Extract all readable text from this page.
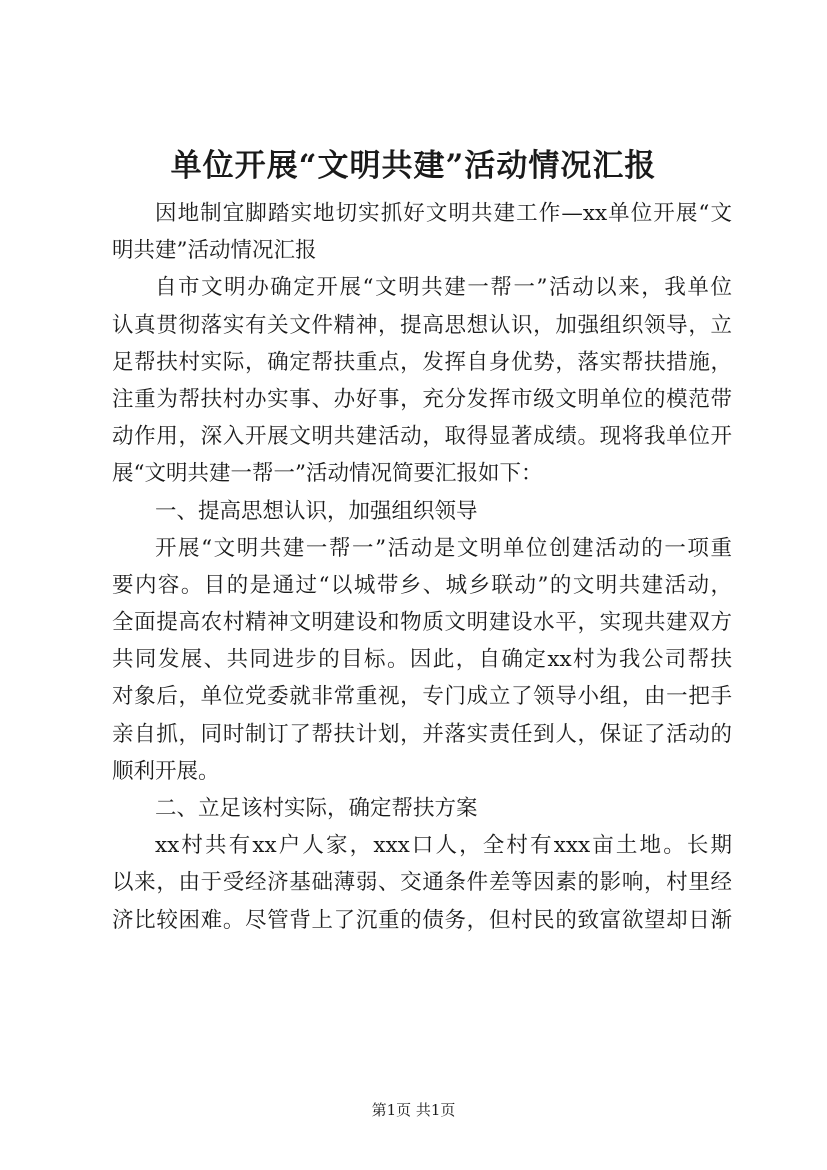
单位开展“文明共建”活动情况汇报
因地制宜脚踏实地切实抓好文明共建工作—xx单位开展“文
明共建”活动情况汇报
自市文明办确定开展“文明共建一帮一”活动以来，我单位
认真贯彻落实有关文件精神，提高思想认识，加强组织领导，立
足帮扶村实际，确定帮扶重点，发挥自身优势，落实帮扶措施，
注重为帮扶村办实事、办好事，充分发挥市级文明单位的模范带
动作用，深入开展文明共建活动，取得显著成绩。现将我单位开
展“文明共建一帮一”活动情况简要汇报如下：
一、提高思想认识，加强组织领导
开展“文明共建一帮一”活动是文明单位创建活动的一项重
要内容。目的是通过“以城带乡、城乡联动”的文明共建活动，
全面提高农村精神文明建设和物质文明建设水平，实现共建双方
共同发展、共同进步的目标。因此，自确定xx村为我公司帮扶
对象后，单位党委就非常重视，专门成立了领导小组，由一把手
亲自抓，同时制订了帮扶计划，并落实责任到人，保证了活动的
顺利开展。
二、立足该村实际，确定帮扶方案
xx村共有xx户人家，xxx口人，全村有xxx亩土地。长期
以来，由于受经济基础薄弱、交通条件差等因素的影响，村里经
济比较困难。尽管背上了沉重的债务，但村民的致富欲望却日渐
第1页 共1页
